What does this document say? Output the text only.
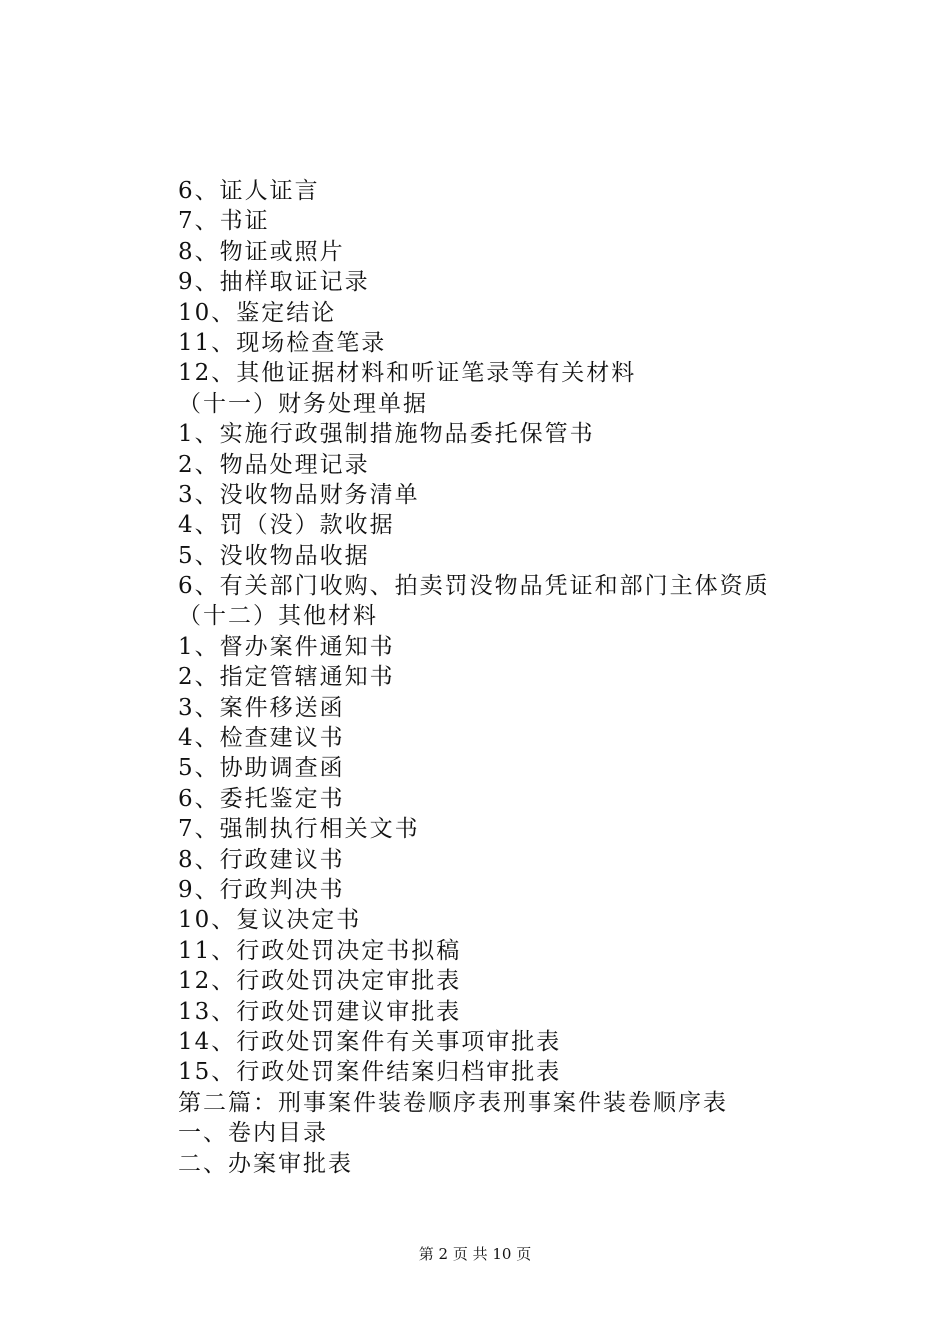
6、证人证言
7、书证
8、物证或照片
9、抽样取证记录
10、鉴定结论
11、现场检查笔录
12、其他证据材料和听证笔录等有关材料
（十一）财务处理单据
1、实施行政强制措施物品委托保管书
2、物品处理记录
3、没收物品财务清单
4、罚（没）款收据
5、没收物品收据
6、有关部门收购、拍卖罚没物品凭证和部门主体资质
（十二）其他材料
1、督办案件通知书
2、指定管辖通知书
3、案件移送函
4、检查建议书
5、协助调查函
6、委托鉴定书
7、强制执行相关文书
8、行政建议书
9、行政判决书
10、复议决定书
11、行政处罚决定书拟稿
12、行政处罚决定审批表
13、行政处罚建议审批表
14、行政处罚案件有关事项审批表
15、行政处罚案件结案归档审批表
第二篇：刑事案件装卷顺序表刑事案件装卷顺序表
一、卷内目录
二、办案审批表
第 2 页 共 10 页
